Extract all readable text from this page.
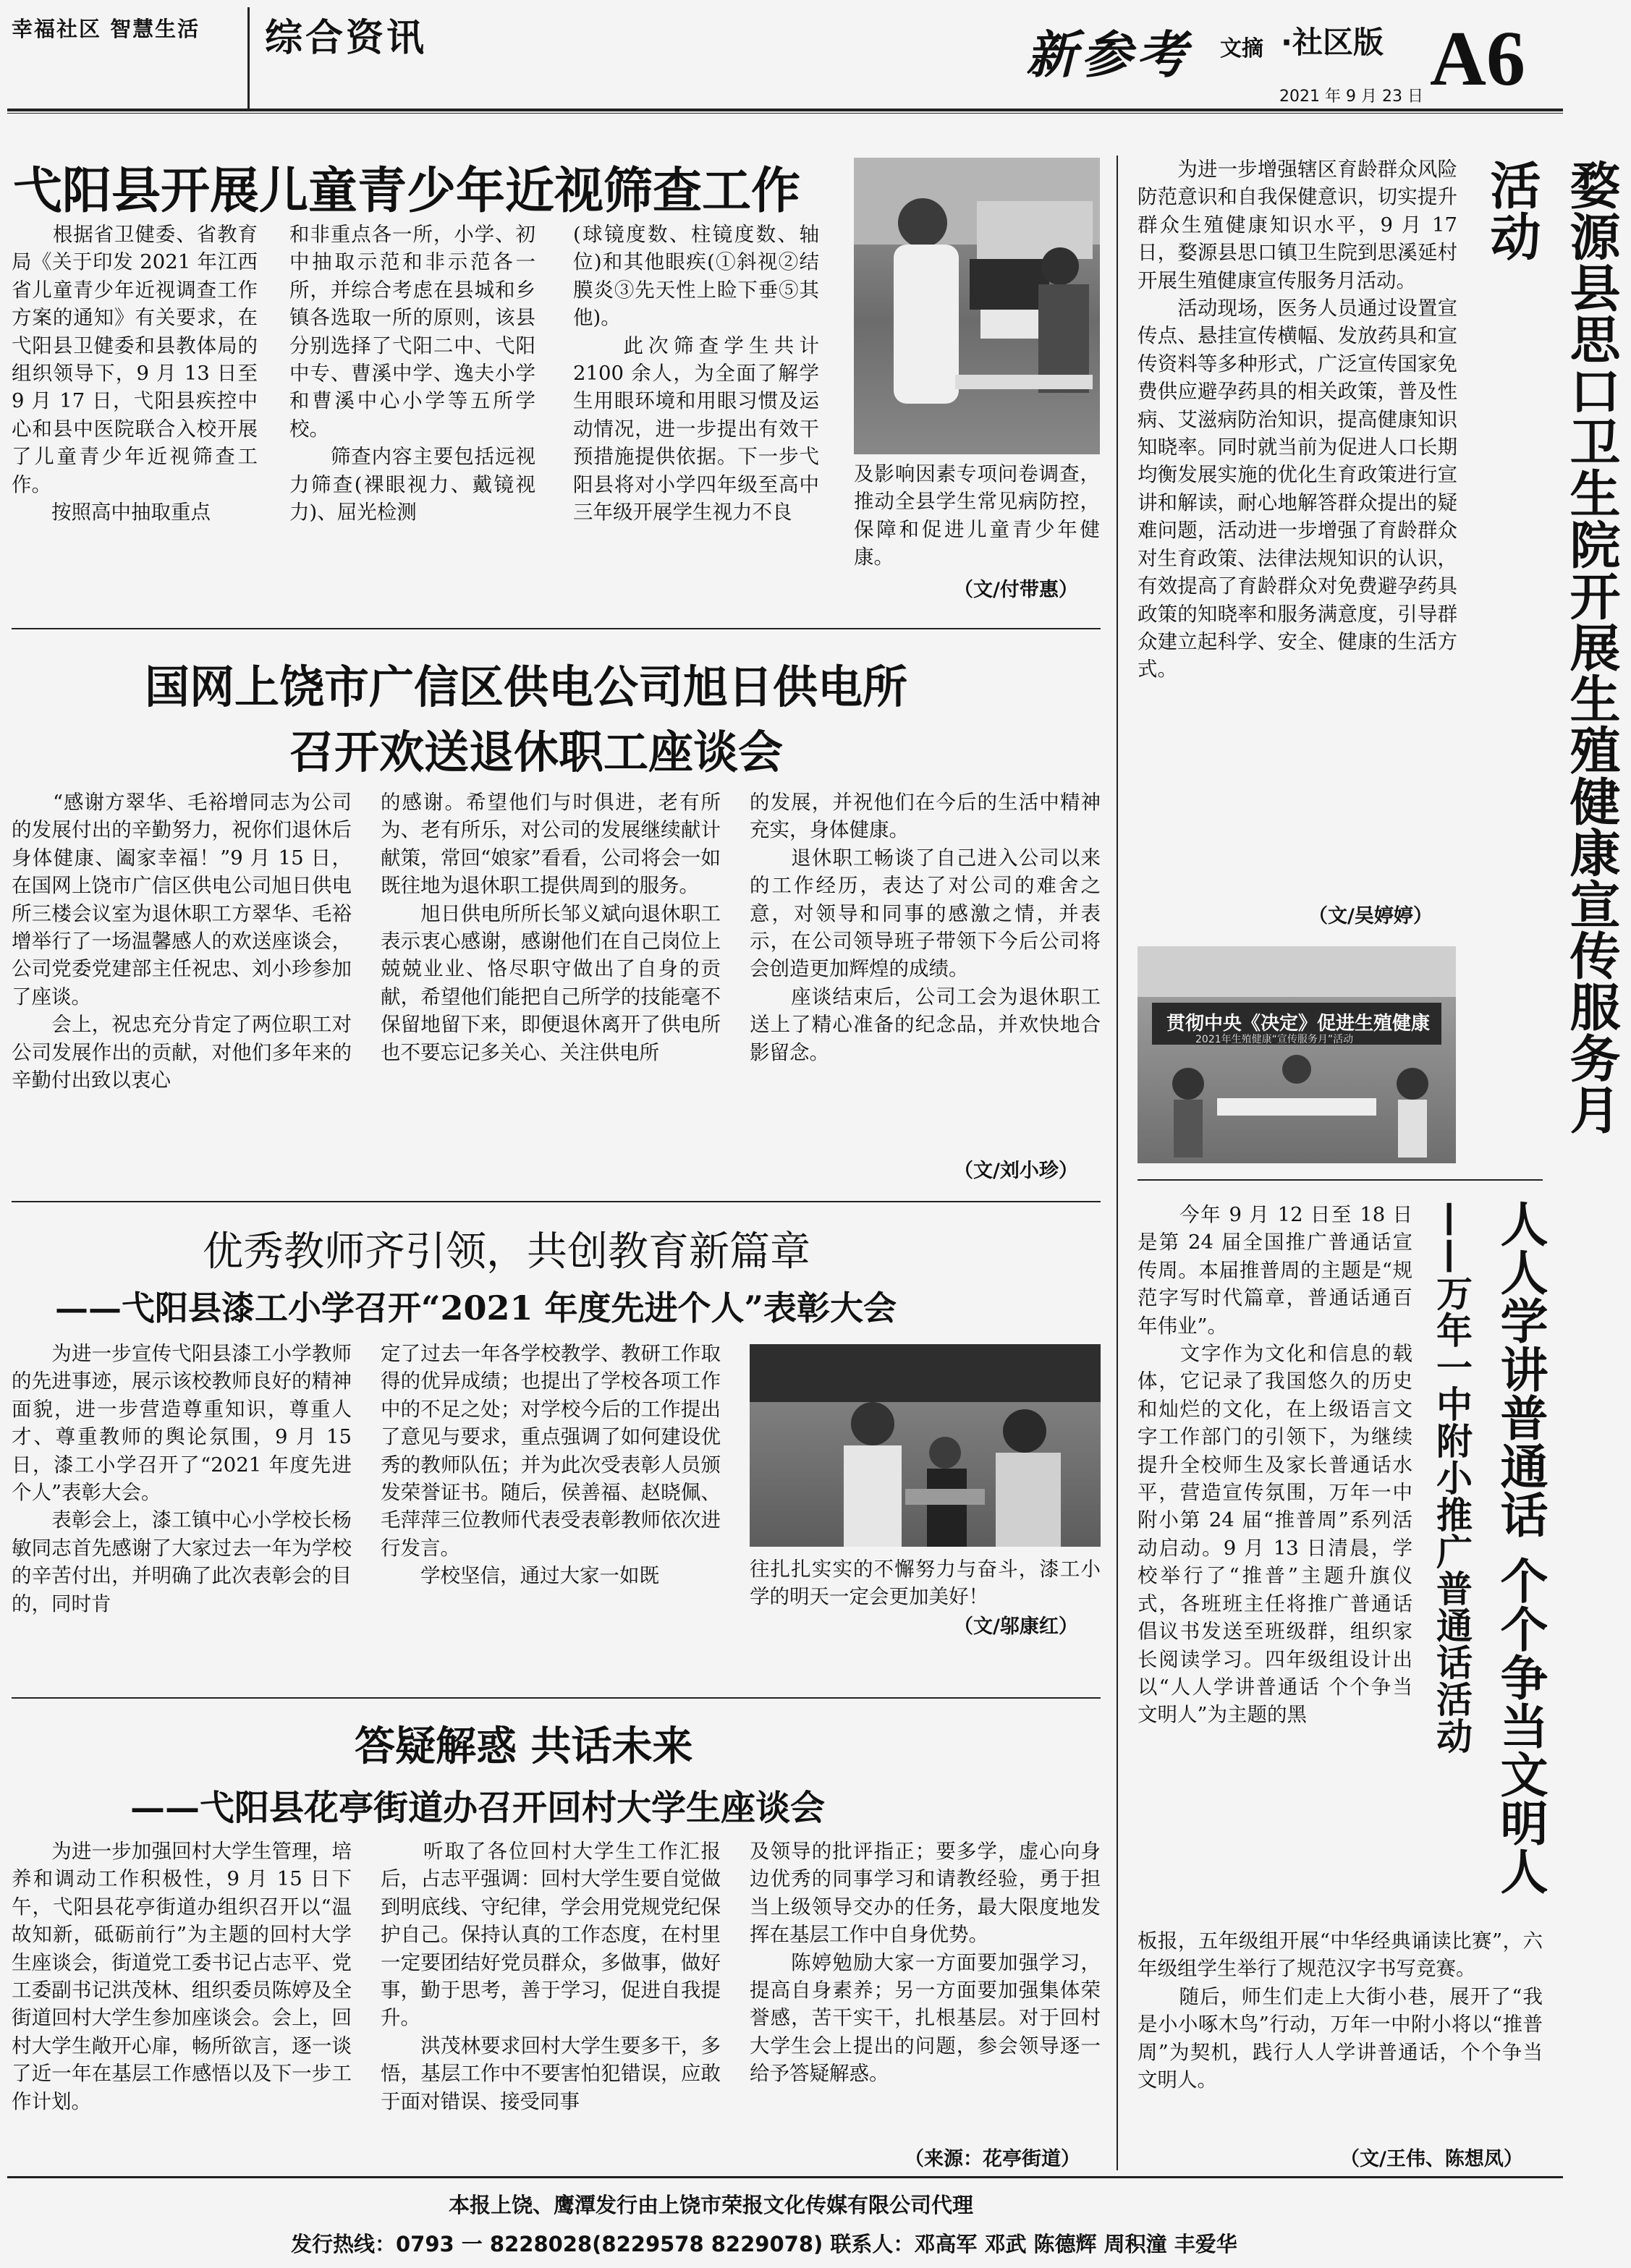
幸福社区 智慧生活 综合资讯	新参考 文摘 ·社区版
2021 年 9 月 23 日 A6
弋阳县开展儿童青少年近视筛查工作
　　根据省卫健委、省教育局《关于印发 2021 年江西省儿童青少年近视调查工作方案的通知》有关要求，在弋阳县卫健委和县教体局的组织领导下，9 月 13 日至 9 月 17 日，弋阳县疾控中心和县中医院联合入校开展了儿童青少年近视筛查工作。
　　按照高中抽取重点
和非重点各一所，小学、初中抽取示范和非示范各一所，并综合考虑在县城和乡镇各选取一所的原则，该县分别选择了弋阳二中、弋阳中专、曹溪中学、逸夫小学和曹溪中心小学等五所学校。
　　筛查内容主要包括远视力筛查(裸眼视力、戴镜视力)、屈光检测
(球镜度数、柱镜度数、轴位)和其他眼疾(①斜视②结膜炎③先天性上睑下垂⑤其他)。
　　此次筛查学生共计 2100 余人，为全面了解学生用眼环境和用眼习惯及运动情况，进一步提出有效干预措施提供依据。下一步弋阳县将对小学四年级至高中三年级开展学生视力不良
及影响因素专项问卷调查，推动全县学生常见病防控，保障和促进儿童青少年健康。
（文/付带惠）
国网上饶市广信区供电公司旭日供电所
召开欢送退休职工座谈会
　　“感谢方翠华、毛裕增同志为公司的发展付出的辛勤努力，祝你们退休后身体健康、阖家幸福！”9 月 15 日，在国网上饶市广信区供电公司旭日供电所三楼会议室为退休职工方翠华、毛裕增举行了一场温馨感人的欢送座谈会，公司党委党建部主任祝忠、刘小珍参加了座谈。
　　会上，祝忠充分肯定了两位职工对公司发展作出的贡献，对他们多年来的辛勤付出致以衷心
的感谢。希望他们与时俱进，老有所为、老有所乐，对公司的发展继续献计献策，常回“娘家”看看，公司将会一如既往地为退休职工提供周到的服务。
　　旭日供电所所长邹义斌向退休职工表示衷心感谢，感谢他们在自己岗位上兢兢业业、恪尽职守做出了自身的贡献，希望他们能把自己所学的技能毫不保留地留下来，即便退休离开了供电所也不要忘记多关心、关注供电所
的发展，并祝他们在今后的生活中精神充实，身体健康。
　　退休职工畅谈了自己进入公司以来的工作经历，表达了对公司的难舍之意，对领导和同事的感激之情，并表示，在公司领导班子带领下今后公司将会创造更加辉煌的成绩。
　　座谈结束后，公司工会为退休职工送上了精心准备的纪念品，并欢快地合影留念。
（文/刘小珍）
优秀教师齐引领，共创教育新篇章
——弋阳县漆工小学召开“2021 年度先进个人”表彰大会
　　为进一步宣传弋阳县漆工小学教师的先进事迹，展示该校教师良好的精神面貌，进一步营造尊重知识，尊重人才、尊重教师的舆论氛围，9 月 15 日，漆工小学召开了“2021 年度先进个人”表彰大会。
　　表彰会上，漆工镇中心小学校长杨敏同志首先感谢了大家过去一年为学校的辛苦付出，并明确了此次表彰会的目的，同时肯
定了过去一年各学校教学、教研工作取得的优异成绩；也提出了学校各项工作中的不足之处；对学校今后的工作提出了意见与要求，重点强调了如何建设优秀的教师队伍；并为此次受表彰人员颁发荣誉证书。随后，侯善福、赵晓佩、毛萍萍三位教师代表受表彰教师依次进行发言。
　　学校坚信，通过大家一如既	往扎扎实实的不懈努力与奋斗，漆工小学的明天一定会更加美好！
（文/邬康红）
答疑解惑 共话未来
——弋阳县花亭街道办召开回村大学生座谈会
　　为进一步加强回村大学生管理，培养和调动工作积极性，9 月 15 日下午，弋阳县花亭街道办组织召开以“温故知新，砥砺前行”为主题的回村大学生座谈会，街道党工委书记占志平、党工委副书记洪茂林、组织委员陈婷及全街道回村大学生参加座谈会。会上，回村大学生敞开心扉，畅所欲言，逐一谈了近一年在基层工作感悟以及下一步工作计划。
　　听取了各位回村大学生工作汇报后，占志平强调：回村大学生要自觉做到明底线、守纪律，学会用党规党纪保护自己。保持认真的工作态度，在村里一定要团结好党员群众，多做事，做好事，勤于思考，善于学习，促进自我提升。
　　洪茂林要求回村大学生要多干，多悟，基层工作中不要害怕犯错误，应敢于面对错误、接受同事
及领导的批评指正；要多学，虚心向身边优秀的同事学习和请教经验，勇于担当上级领导交办的任务，最大限度地发挥在基层工作中自身优势。
　　陈婷勉励大家一方面要加强学习，提高自身素养；另一方面要加强集体荣誉感，苦干实干，扎根基层。对于回村大学生会上提出的问题，参会领导逐一给予答疑解惑。
（来源：花亭街道）
　　为进一步增强辖区育龄群众风险防范意识和自我保健意识，切实提升群众生殖健康知识水平，9 月 17 日，婺源县思口镇卫生院到思溪延村开展生殖健康宣传服务月活动。
　　活动现场，医务人员通过设置宣传点、悬挂宣传横幅、发放药具和宣传资料等多种形式，广泛宣传国家免费供应避孕药具的相关政策，普及性病、艾滋病防治知识，提高健康知识知晓率。同时就当前为促进人口长期均衡发展实施的优化生育政策进行宣讲和解读，耐心地解答群众提出的疑难问题，活动进一步增强了育龄群众对生育政策、法律法规知识的认识，有效提高了育龄群众对免费避孕药具政策的知晓率和服务满意度，引导群众建立起科学、安全、健康的生活方式。	婺源县思口卫生院开展生殖健康宣传服务月活动
（文/吴婷婷）
贯彻中央《决定》促进生殖健康
2021年生殖健康“宣传服务月”活动
　　今年 9 月 12 日至 18 日是第 24 届全国推广普通话宣传周。本届推普周的主题是“规范字写时代篇章，普通话通百年伟业”。
　　文字作为文化和信息的载体，它记录了我国悠久的历史和灿烂的文化，在上级语言文字工作部门的引领下，为继续提升全校师生及家长普通话水平，营造宣传氛围，万年一中附小第 24 届“推普周”系列活动启动。9 月 13 日清晨，学校举行了“推普”主题升旗仪式，各班班主任将推广普通话倡议书发送至班级群，组织家长阅读学习。四年级组设计出以“人人学讲普通话 个个争当文明人”为主题的黑	人人学讲普通话 个个争当文明人
——万年一中附小推广普通话活动
板报，五年级组开展“中华经典诵读比赛”，六年级组学生举行了规范汉字书写竞赛。
　　随后，师生们走上大街小巷，展开了“我是小小啄木鸟”行动，万年一中附小将以“推普周”为契机，践行人人学讲普通话，个个争当文明人。
（文/王伟、陈想凤）
本报上饶、鹰潭发行由上饶市荣报文化传媒有限公司代理
发行热线：0793 一 8228028(8229578 8229078) 联系人：邓高军 邓武 陈德辉 周积潼 丰爱华
